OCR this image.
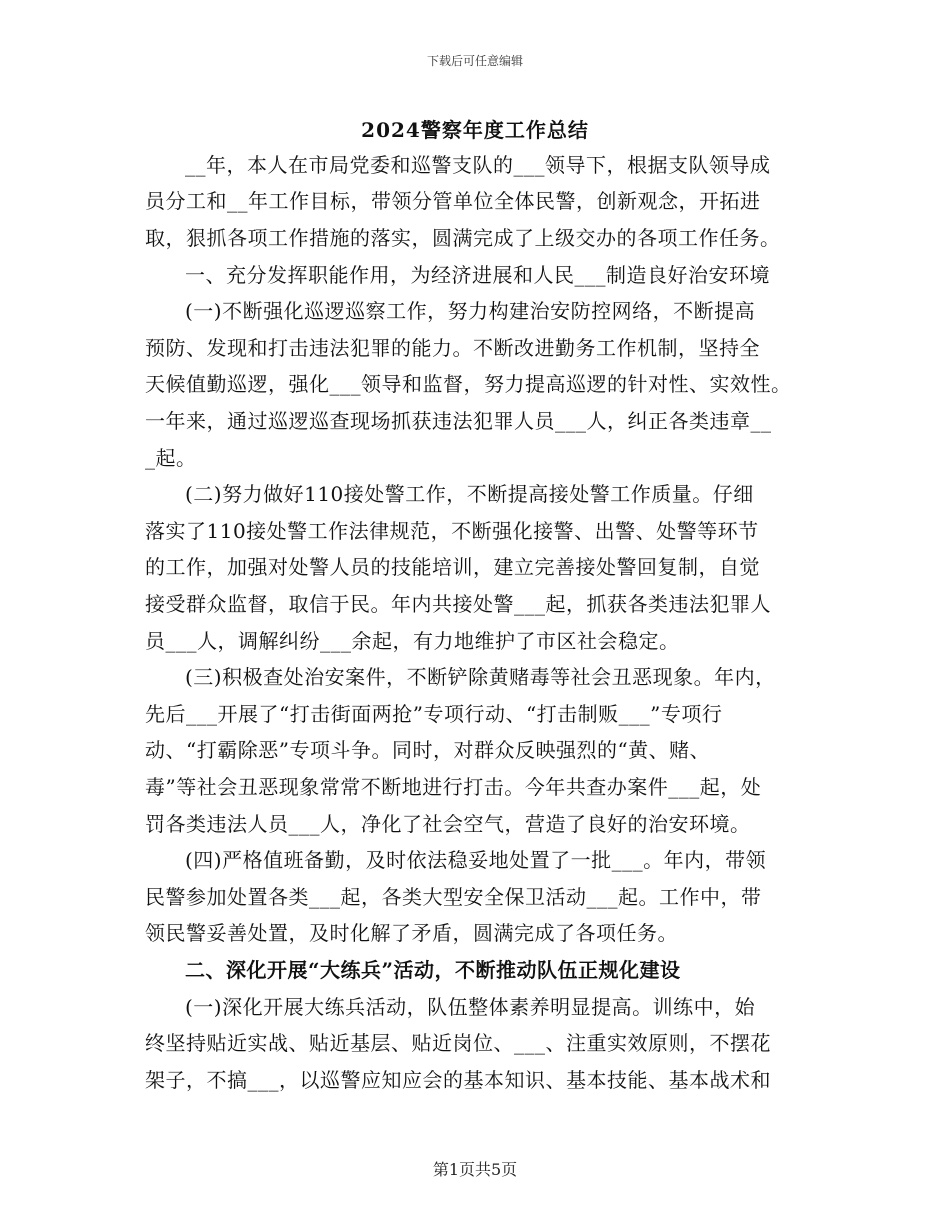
下载后可任意编辑
2024警察年度工作总结
__年，本人在市局党委和巡警支队的___领导下，根据支队领导成
员分工和__年工作目标，带领分管单位全体民警，创新观念，开拓进
取，狠抓各项工作措施的落实，圆满完成了上级交办的各项工作任务。
一、充分发挥职能作用，为经济进展和人民___制造良好治安环境
(一)不断强化巡逻巡察工作，努力构建治安防控网络，不断提高
预防、发现和打击违法犯罪的能力。不断改进勤务工作机制，坚持全
天候值勤巡逻，强化___领导和监督，努力提高巡逻的针对性、实效性。
一年来，通过巡逻巡查现场抓获违法犯罪人员___人，纠正各类违章__
_起。
(二)努力做好110接处警工作，不断提高接处警工作质量。仔细
落实了110接处警工作法律规范，不断强化接警、出警、处警等环节
的工作，加强对处警人员的技能培训，建立完善接处警回复制，自觉
接受群众监督，取信于民。年内共接处警___起，抓获各类违法犯罪人
员___人，调解纠纷___余起，有力地维护了市区社会稳定。
(三)积极查处治安案件，不断铲除黄赌毒等社会丑恶现象。年内，
先后___开展了“打击街面两抢”专项行动、“打击制贩___”专项行
动、“打霸除恶”专项斗争。同时，对群众反映强烈的“黄、赌、
毒”等社会丑恶现象常常不断地进行打击。今年共查办案件___起，处
罚各类违法人员___人，净化了社会空气，营造了良好的治安环境。
(四)严格值班备勤，及时依法稳妥地处置了一批___。年内，带领
民警参加处置各类___起，各类大型安全保卫活动___起。工作中，带
领民警妥善处置，及时化解了矛盾，圆满完成了各项任务。
二、深化开展“大练兵”活动，不断推动队伍正规化建设
(一)深化开展大练兵活动，队伍整体素养明显提高。训练中，始
终坚持贴近实战、贴近基层、贴近岗位、___、注重实效原则，不摆花
架子，不搞___，以巡警应知应会的基本知识、基本技能、基本战术和
第1页共5页
